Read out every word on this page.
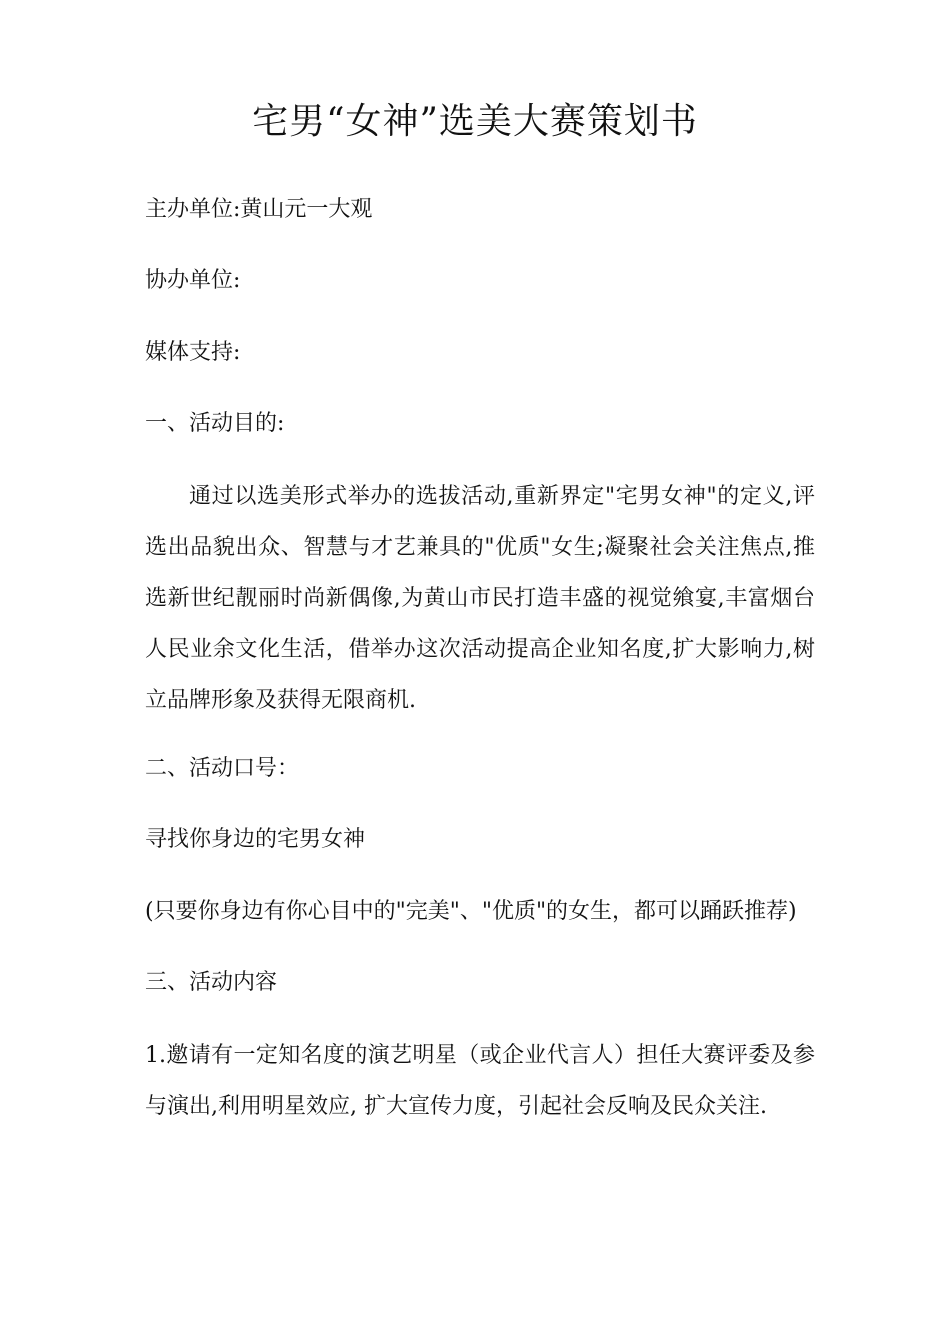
宅男“女神”选美大赛策划书
主办单位:黄山元一大观
协办单位:
媒体支持:
一、活动目的:
通过以选美形式举办的选拔活动,重新界定"宅男女神"的定义,评选出品貌出众、智慧与才艺兼具的"优质"女生;凝聚社会关注焦点,推选新世纪靓丽时尚新偶像,为黄山市民打造丰盛的视觉飨宴,丰富烟台人民业余文化生活，借举办这次活动提高企业知名度,扩大影响力,树立品牌形象及获得无限商机.
二、活动口号：
寻找你身边的宅男女神
(只要你身边有你心目中的"完美"、"优质"的女生，都可以踊跃推荐)
三、活动内容
1.邀请有一定知名度的演艺明星（或企业代言人）担任大赛评委及参与演出,利用明星效应, 扩大宣传力度，引起社会反响及民众关注.
